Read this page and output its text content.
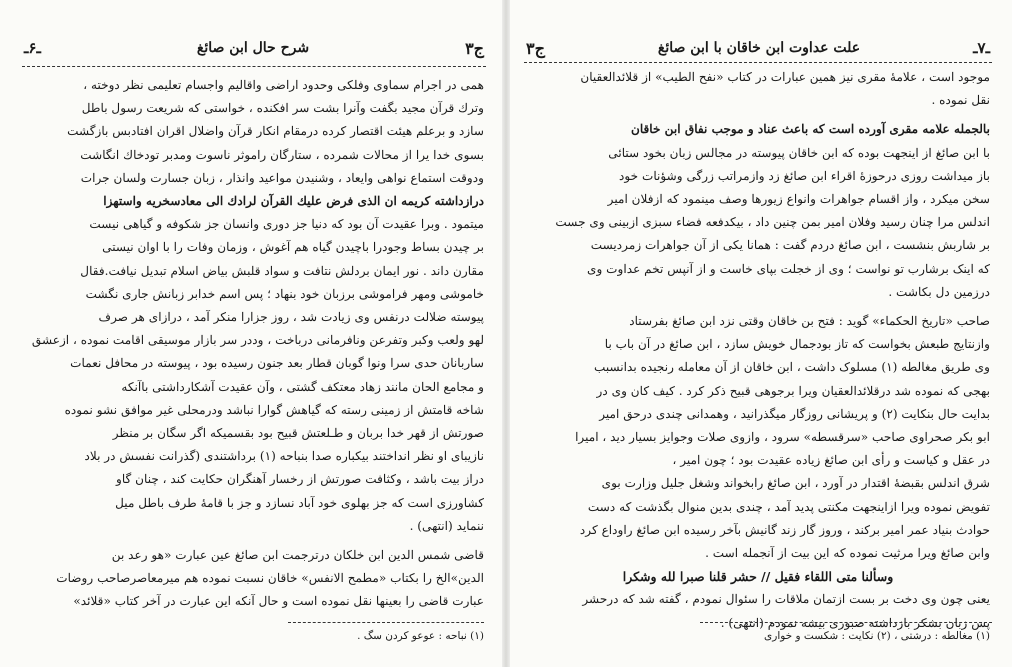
ج۳
شرح حال ابن صائغ
ـ۶ـ

همی در اجرام سماوی وفلکی وحدود اراضی واقالیم واجسام تعلیمی نظر دوخته ،

وترك قرآن مجید بگفت وآنرا بشت سر افکنده ، خواستی که شریعت رسول باطل

سازد و برعلم هیئت اقتصار کرده درمقام انکار قرآن واضلال اقران افتادبس بازگشت

بسوی خدا یرا از محالات شمرده ، ستارگان راموثر ناسوت ومدبر تودخاك انگاشت

ودوقت استماع نواهی وایعاد ، وشنیدن مواعید وانذار ، زبان جسارت ولسان جرات

درازداشته کریمه ان الذی فرض علیك القرآن لرادك الی معادسخریه واستهزا

میتمود . وبرا عقیدت آن بود که دنیا جز دوری وانسان جز شکوفه و گیاهی نیست

بر چیدن بساط وجودرا باچیدن گیاه هم آغوش ، وزمان وفات را با اوان نیستی

مقارن داند . نور ایمان بردلش نتافت و سواد قلبش بیاض اسلام تبدیل نیافت.فقال

خاموشی ومهر فراموشی برزبان خود بنهاد ؛ پس اسم خدابر زبانش جاری نگشت

پیوسته ضلالت درنفس وی زیادت شد ، روز جزارا منکر آمد ، درازای هر صرف

لهو ولعب وکبر وتفرعن ونافرمانی درباخت ، وددر سر بازار موسیقی اقامت نموده ، ازعشق

ساربانان حدی سرا ونوا گوبان قطار بعد جنون رسیده بود ، پیوسته در محافل نعمات

و مجامع الحان مانند زهاد معتکف گشتی ، وآن عقیدت آشکارداشتی باآنکه

شاخه قامتش از زمینی رسته که گیاهش گوارا نباشد ودرمحلی غیر موافق نشو نموده

صورتش از قهر خدا بربان و طـلعتش قبیح بود بقسمیکه اگر سگان بر منظر

نازیبای او نظر انداختند بیکباره صدا بنباحه (۱) برداشتندی (گذرانت نفسش در بلاد

دراز بیت باشد ، وکثافت صورتش از رخسار آهنگران حکایت کند ، چنان گاو

کشاورزی است که جز بهلوی خود آباد نسازد و جز با قامهٔ طرف باطل میل

ننماید (انتهی) .

قاضی شمس الدین ابن خلکان درترجمت ابن صائغ عین عبارت «هو رعد بن

الدین»الخ را بکتاب «مطمح الانفس» خاقان نسبت نموده هم میرمعاصرصاحب روضات

عبارت قاضی را بعینها نقل نموده است و حال آنکه این عبارت در آخر کتاب «قلائد»

(۱) نباحه : عوعو کردن سگ .
ـ۷ـ
علت عداوت ابن خاقان با ابن صائغ
ج۳

موجود است ، علامهٔ مقری نیز همین عبارات در کتاب «نفح الطیب» از قلائدالعقیان

نقل نموده .

بالجمله علامه مقری آورده است که باعث عناد و موجب نفاق ابن خاقان

با ابن صائغ از اینجهت بوده که ابن خاقان پیوسته در مجالس زبان بخود ستائی

باز میداشت روزی درحوزهٔ اقراء ابن صائغ زد وازمراتب زرگی وشؤنات خود

سخن میکرد ، واز اقسام جواهرات وانواع زیورها وصف مینمود که ازفلان امیر

اندلس مرا چنان رسید وفلان امیر بمن چنین داد ، بیکدفعه فضاء سبزی ازبینی وی جست

بر شاربش بنشست ، ابن صائغ دردم گفت : همانا یکی از آن جواهرات زمردیست

که اینک برشارب تو نواست ؛ وی از خجلت بپای خاست و از آنپس تخم عداوت وی

درزمین دل بکاشت .

صاحب «تاریخ الحکماء» گوید : فتح بن خاقان وقتی نزد ابن صائغ بفرستاد

وازنتایج طبعش بخواست که تاز بودجمال خویش سازد ، ابن صائغ در آن باب با

وی طریق مغالطه (۱) مسلوک داشت ، ابن خاقان از آن معامله رنجیده بدانسبب

بهجی که نموده شد درقلائدالعقیان ویرا برجوهی قبیح ذکر کرد . کیف کان وی در

بدایت حال بنکایت (۲) و پریشانی روزگار میگذرانید ، وهمدانی چندی درحق امیر

ابو بکر صحراوی صاحب «سرقسطه» سرود ، وازوی صلات وجوایز بسیار دید ، امیرا

در عقل و کیاست و رأی ابن صائغ زیاده عقیدت بود ؛ چون امیر ،

شرق اندلس بقبضهٔ اقتدار در آورد ، ابن صائغ رابخواند وشغل جلیل وزارت بوی

تفویض نموده ویرا ازاینجهت مکنتی پدید آمد ، چندی بدین منوال بگذشت که دست

حوادث بنیاد عمر امیر برکند ، وروز گار زند گانیش بآخر رسیده ابن صائغ راوداع کرد

وابن صائغ ویرا مرثیت نموده که این بیت از آنجمله است .

وسألنا متی اللقاء فقیل // حشر قلنا صبرا لله وشکرا

یعنی چون وی دخت بر بست ازتمان ملاقات را سئوال نمودم ، گفته شد که درحشر

پس زبان بشکر بازداشته صبوری بیشه نمودم (انتهی) .

(۱) مغالطه : درشتی ، (۲) نکایت : شکست و خواری
